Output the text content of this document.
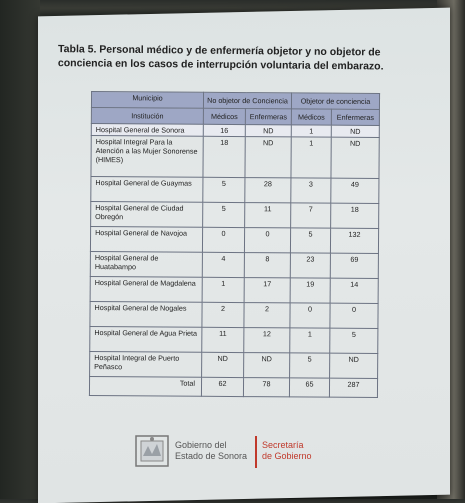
Tabla 5. Personal médico y de enfermería objetor y no objetor de conciencia en los casos de interrupción voluntaria del embarazo.
Municipio	No objetor de Conciencia		Objetor de conciencia	
Institución	Médicos	Enfermeras	Médicos	Enfermeras
Hospital General de Sonora	16	ND	1	ND
Hospital Integral Para la Atención a las Mujer Sonorense (HIMES)	18	ND	1	ND
Hospital General de Guaymas	5	28	3	49
Hospital General de Ciudad Obregón	5	11	7	18
Hospital General de Navojoa	0	0	5	132
Hospital General de Huatabampo	4	8	23	69
Hospital General de Magdalena	1	17	19	14
Hospital General de Nogales	2	2	0	0
Hospital General de Agua Prieta	11	12	1	5
Hospital Integral de Puerto Peñasco	ND	ND	5	ND
Total	62	78	65	287
Gobierno del
Estado de Sonora
Secretaría
de Gobierno
